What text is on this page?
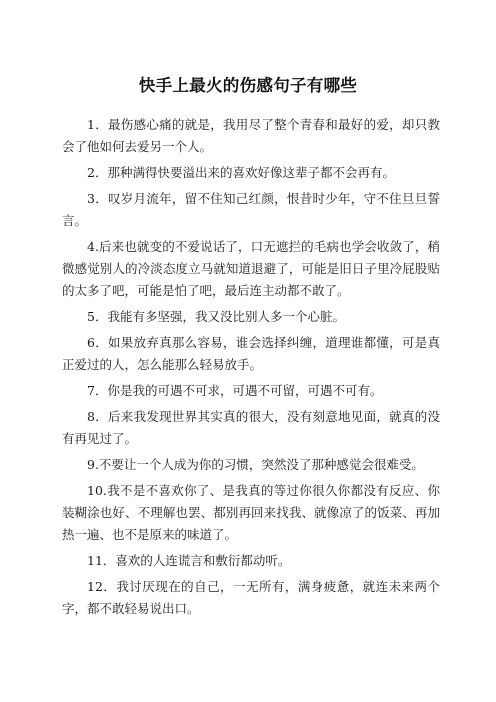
快手上最火的伤感句子有哪些

1．最伤感心痛的就是，我用尽了整个青春和最好的爱，却只教会了他如何去爱另一个人。

2．那种满得快要溢出来的喜欢好像这辈子都不会再有。

3．叹岁月流年，留不住知己红颜，恨昔时少年，守不住旦旦誓言。

4.后来也就变的不爱说话了，口无遮拦的毛病也学会收敛了，稍微感觉别人的冷淡态度立马就知道退避了，可能是旧日子里冷屁股贴的太多了吧，可能是怕了吧，最后连主动都不敢了。

5．我能有多坚强，我又没比别人多一个心脏。

6．如果放弃真那么容易，谁会选择纠缠，道理谁都懂，可是真正爱过的人，怎么能那么轻易放手。

7．你是我的可遇不可求，可遇不可留，可遇不可有。

8．后来我发现世界其实真的很大，没有刻意地见面，就真的没有再见过了。

9.不要让一个人成为你的习惯，突然没了那种感觉会很难受。

10.我不是不喜欢你了、是我真的等过你很久你都没有反应、你装糊涂也好、不理解也罢、都别再回来找我、就像凉了的饭菜、再加热一遍、也不是原来的味道了。

11．喜欢的人连谎言和敷衍都动听。

12．我讨厌现在的自己，一无所有，满身疲惫，就连未来两个字，都不敢轻易说出口。
